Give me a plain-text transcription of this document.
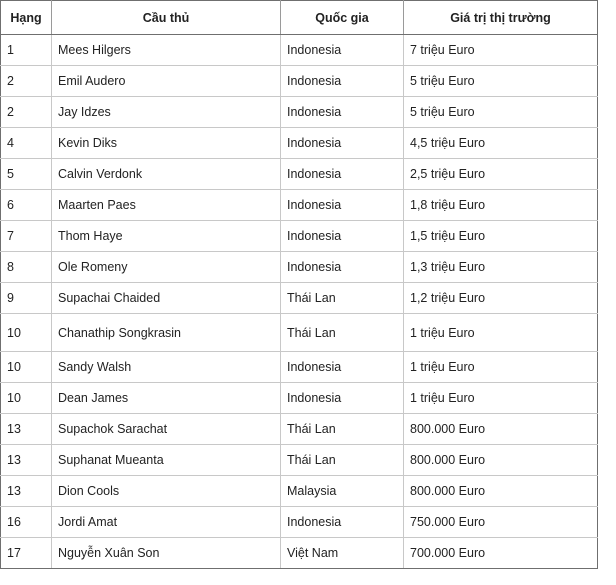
Hạng	Cầu thủ	Quốc gia	Giá trị thị trường
1	Mees Hilgers	Indonesia	7 triệu Euro
2	Emil Audero	Indonesia	5 triệu Euro
2	Jay Idzes	Indonesia	5 triệu Euro
4	Kevin Diks	Indonesia	4,5 triệu Euro
5	Calvin Verdonk	Indonesia	2,5 triệu Euro
6	Maarten Paes	Indonesia	1,8 triệu Euro
7	Thom Haye	Indonesia	1,5 triệu Euro
8	Ole Romeny	Indonesia	1,3 triệu Euro
9	Supachai Chaided	Thái Lan	1,2 triệu Euro
10	Chanathip Songkrasin	Thái Lan	1 triệu Euro
10	Sandy Walsh	Indonesia	1 triệu Euro
10	Dean James	Indonesia	1 triệu Euro
13	Supachok Sarachat	Thái Lan	800.000 Euro
13	Suphanat Mueanta	Thái Lan	800.000 Euro
13	Dion Cools	Malaysia	800.000 Euro
16	Jordi Amat	Indonesia	750.000 Euro
17	Nguyễn Xuân Son	Việt Nam	700.000 Euro
